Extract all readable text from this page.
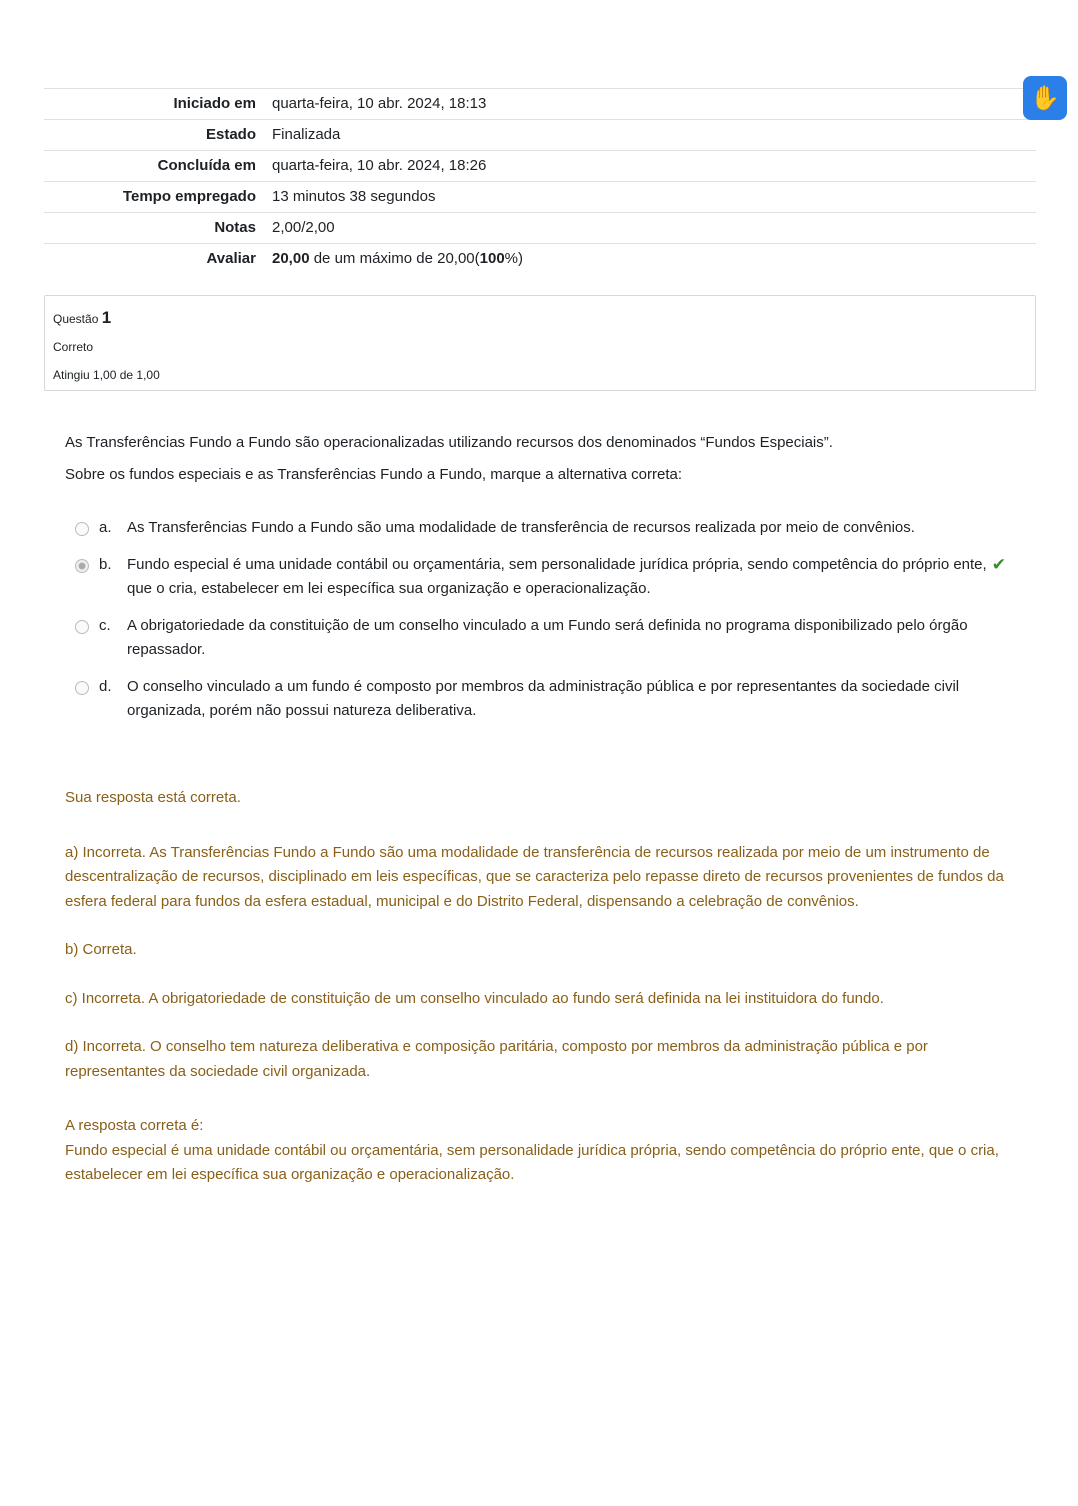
Iniciado em	quarta-feira, 10 abr. 2024, 18:13
Estado	Finalizada
Concluída em	quarta-feira, 10 abr. 2024, 18:26
Tempo empregado	13 minutos 38 segundos
Notas	2,00/2,00
Avaliar	20,00 de um máximo de 20,00(100%)
✋
Questão 1
Correto
Atingiu 1,00 de 1,00

As Transferências Fundo a Fundo são operacionalizadas utilizando recursos dos denominados “Fundos Especiais”.

Sobre os fundos especiais e as Transferências Fundo a Fundo, marque a alternativa correta:

a.	As Transferências Fundo a Fundo são uma modalidade de transferência de recursos realizada por meio de convênios.
b.	Fundo especial é uma unidade contábil ou orçamentária, sem personalidade jurídica própria, sendo competência do próprio ente, que o cria, estabelecer em lei específica sua organização e operacionalização.
✔
c.	A obrigatoriedade da constituição de um conselho vinculado a um Fundo será definida no programa disponibilizado pelo órgão repassador.
d.	O conselho vinculado a um fundo é composto por membros da administração pública e por representantes da sociedade civil organizada, porém não possui natureza deliberativa.

Sua resposta está correta.

a) Incorreta. As Transferências Fundo a Fundo são uma modalidade de transferência de recursos realizada por meio de um instrumento de descentralização de recursos, disciplinado em leis específicas, que se caracteriza pelo repasse direto de recursos provenientes de fundos da esfera federal para fundos da esfera estadual, municipal e do Distrito Federal, dispensando a celebração de convênios.

b) Correta.

c) Incorreta. A obrigatoriedade de constituição de um conselho vinculado ao fundo será definida na lei instituidora do fundo.

d) Incorreta. O conselho tem natureza deliberativa e composição paritária, composto por membros da administração pública e por representantes da sociedade civil organizada.

A resposta correta é:

Fundo especial é uma unidade contábil ou orçamentária, sem personalidade jurídica própria, sendo competência do próprio ente, que o cria, estabelecer em lei específica sua organização e operacionalização.
